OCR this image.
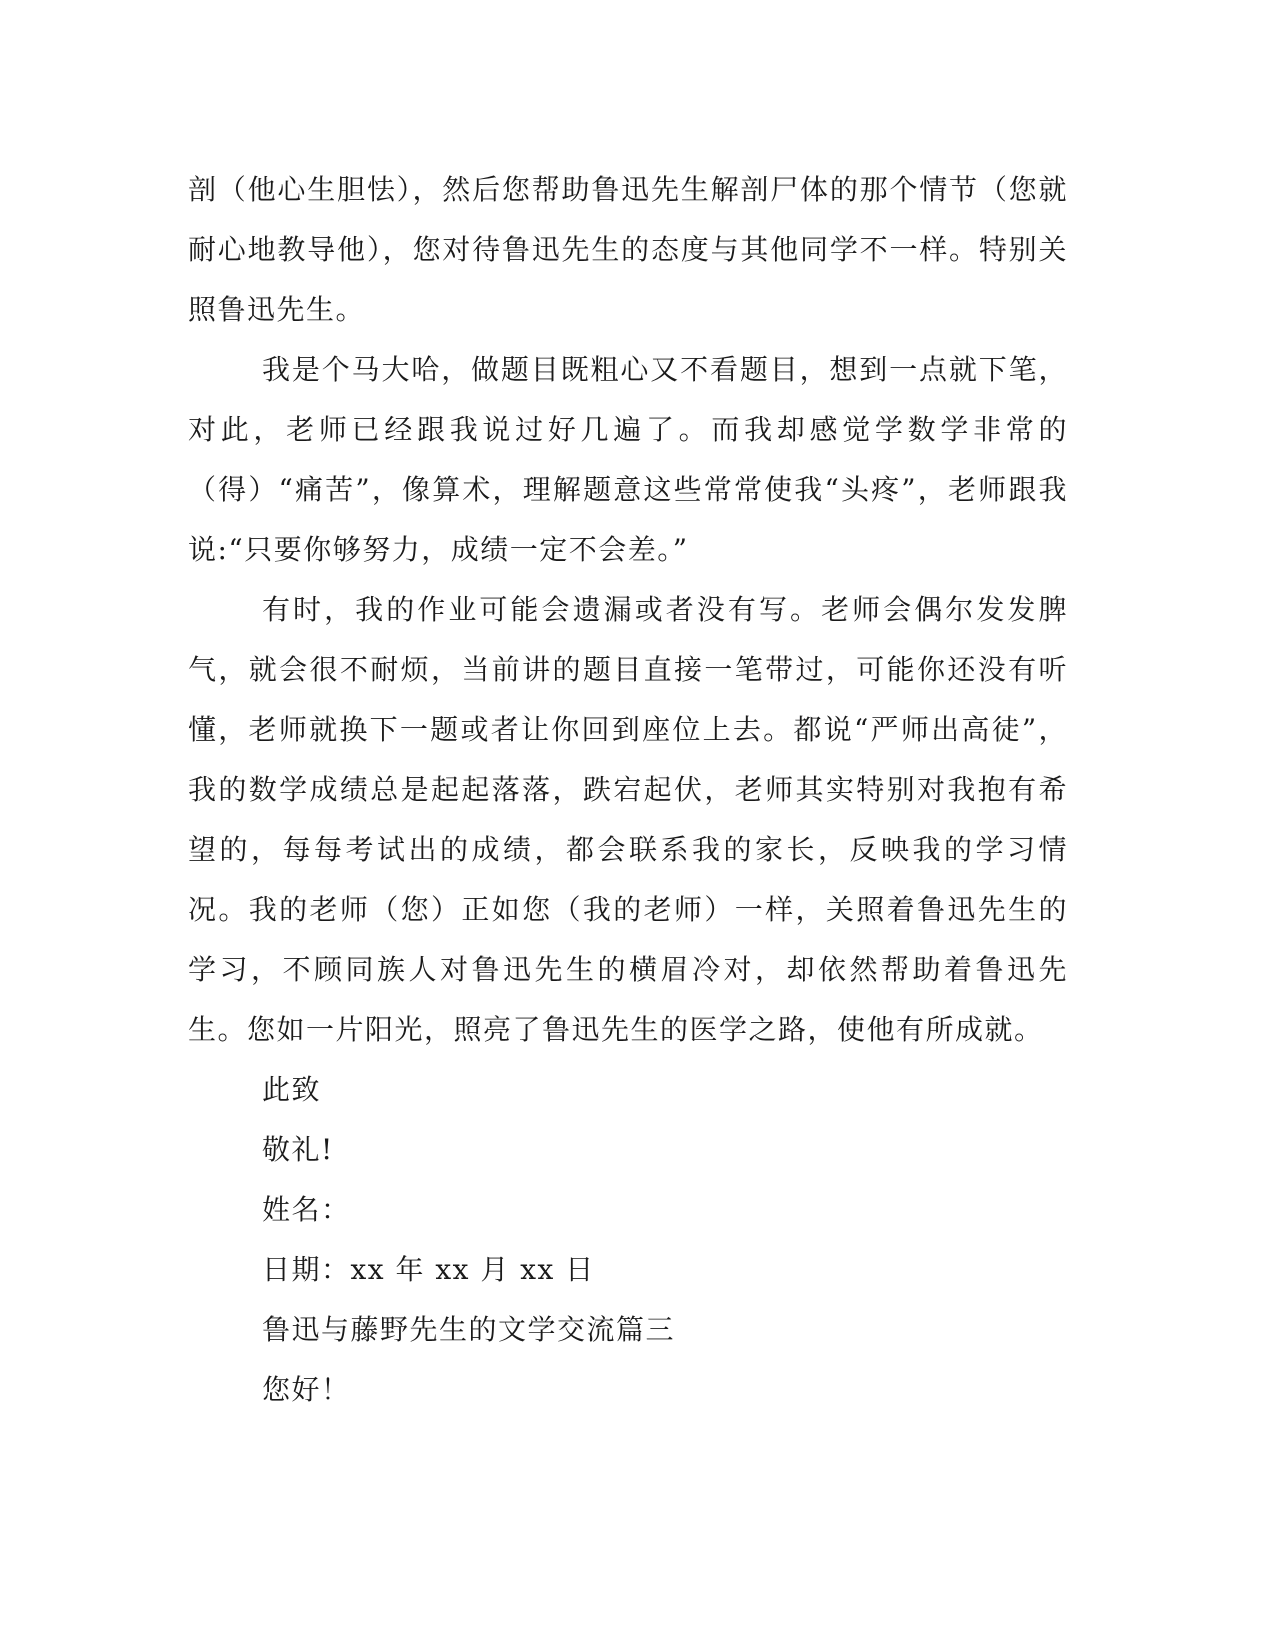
剖（他心生胆怯），然后您帮助鲁迅先生解剖尸体的那个情节（您就耐心地教导他），您对待鲁迅先生的态度与其他同学不一样。特别关照鲁迅先生。

我是个马大哈，做题目既粗心又不看题目，想到一点就下笔，对此，老师已经跟我说过好几遍了。而我却感觉学数学非常的（得）“痛苦”，像算术，理解题意这些常常使我“头疼”，老师跟我说:“只要你够努力，成绩一定不会差。”

有时，我的作业可能会遗漏或者没有写。老师会偶尔发发脾气，就会很不耐烦，当前讲的题目直接一笔带过，可能你还没有听懂，老师就换下一题或者让你回到座位上去。都说“严师出高徒”，我的数学成绩总是起起落落，跌宕起伏，老师其实特别对我抱有希望的，每每考试出的成绩，都会联系我的家长，反映我的学习情况。我的老师（您）正如您（我的老师）一样，关照着鲁迅先生的学习，不顾同族人对鲁迅先生的横眉冷对，却依然帮助着鲁迅先生。您如一片阳光，照亮了鲁迅先生的医学之路，使他有所成就。

此致

敬礼!

姓名：

日期：xx 年 xx 月 xx 日

鲁迅与藤野先生的文学交流篇三

您好！
